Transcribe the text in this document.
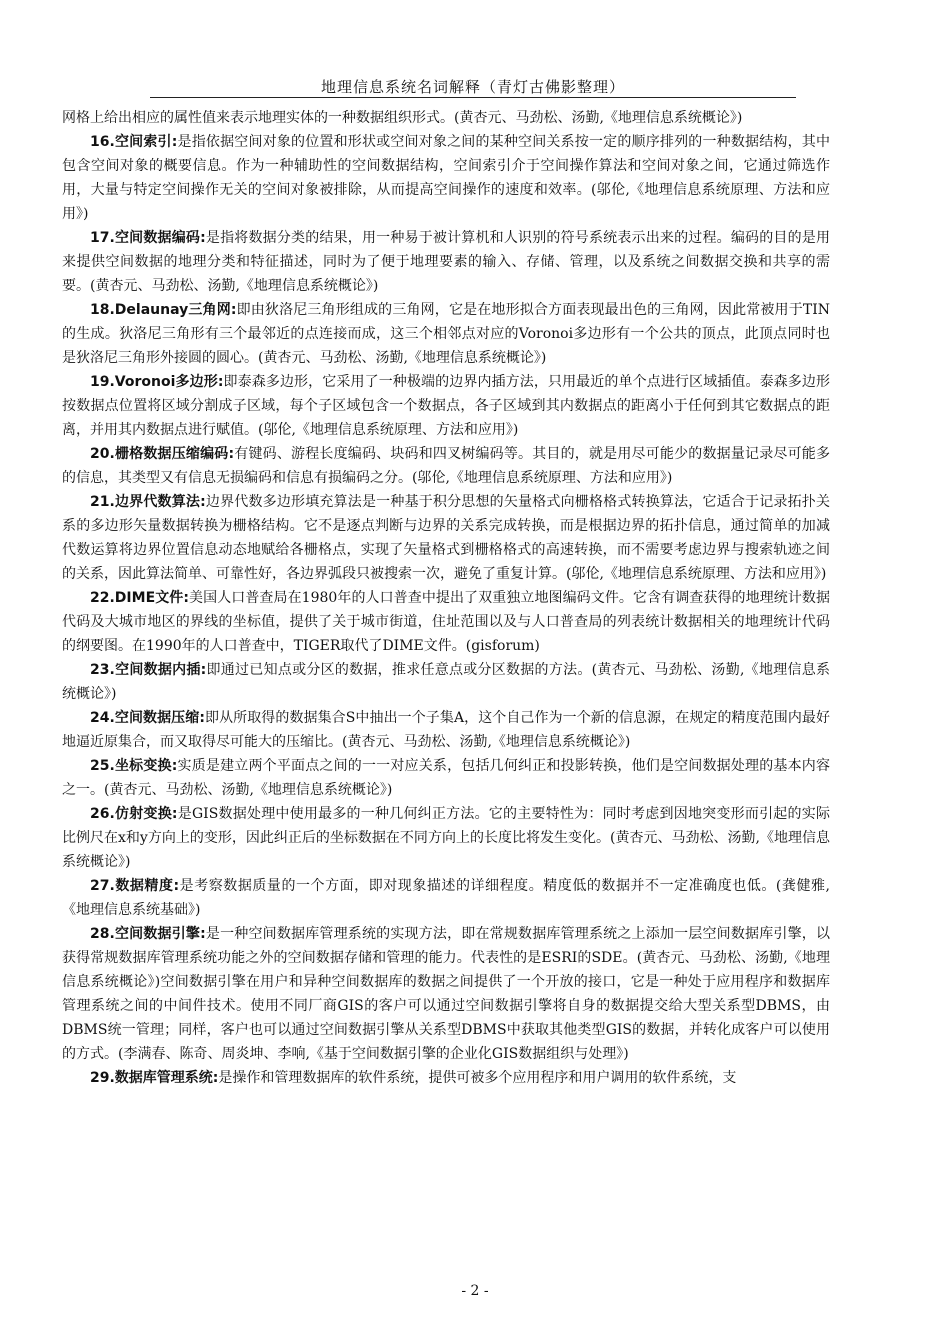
地理信息系统名词解释（青灯古佛影整理）

网格上给出相应的属性值来表示地理实体的一种数据组织形式。(黄杏元、马劲松、汤勤,《地理信息系统概论》)

16.空间索引:是指依据空间对象的位置和形状或空间对象之间的某种空间关系按一定的顺序排列的一种数据结构，其中包含空间对象的概要信息。作为一种辅助性的空间数据结构，空间索引介于空间操作算法和空间对象之间，它通过筛选作用，大量与特定空间操作无关的空间对象被排除，从而提高空间操作的速度和效率。(邬伦,《地理信息系统原理、方法和应用》)

17.空间数据编码:是指将数据分类的结果，用一种易于被计算机和人识别的符号系统表示出来的过程。编码的目的是用来提供空间数据的地理分类和特征描述，同时为了便于地理要素的输入、存储、管理，以及系统之间数据交换和共享的需要。(黄杏元、马劲松、汤勤,《地理信息系统概论》)

18.Delaunay三角网:即由狄洛尼三角形组成的三角网，它是在地形拟合方面表现最出色的三角网，因此常被用于TIN的生成。狄洛尼三角形有三个最邻近的点连接而成，这三个相邻点对应的Voronoi多边形有一个公共的顶点，此顶点同时也是狄洛尼三角形外接圆的圆心。(黄杏元、马劲松、汤勤,《地理信息系统概论》)

19.Voronoi多边形:即泰森多边形，它采用了一种极端的边界内插方法，只用最近的单个点进行区域插值。泰森多边形按数据点位置将区域分割成子区域，每个子区域包含一个数据点，各子区域到其内数据点的距离小于任何到其它数据点的距离，并用其内数据点进行赋值。(邬伦,《地理信息系统原理、方法和应用》)

20.栅格数据压缩编码:有键码、游程长度编码、块码和四叉树编码等。其目的，就是用尽可能少的数据量记录尽可能多的信息，其类型又有信息无损编码和信息有损编码之分。(邬伦,《地理信息系统原理、方法和应用》)

21.边界代数算法:边界代数多边形填充算法是一种基于积分思想的矢量格式向栅格格式转换算法，它适合于记录拓扑关系的多边形矢量数据转换为栅格结构。它不是逐点判断与边界的关系完成转换，而是根据边界的拓扑信息，通过简单的加减代数运算将边界位置信息动态地赋给各栅格点，实现了矢量格式到栅格格式的高速转换，而不需要考虑边界与搜索轨迹之间的关系，因此算法简单、可靠性好，各边界弧段只被搜索一次，避免了重复计算。(邬伦,《地理信息系统原理、方法和应用》)

22.DIME文件:美国人口普查局在1980年的人口普查中提出了双重独立地图编码文件。它含有调查获得的地理统计数据代码及大城市地区的界线的坐标值，提供了关于城市街道，住址范围以及与人口普查局的列表统计数据相关的地理统计代码的纲要图。在1990年的人口普查中，TIGER取代了DIME文件。(gisforum)

23.空间数据内插:即通过已知点或分区的数据，推求任意点或分区数据的方法。(黄杏元、马劲松、汤勤,《地理信息系统概论》)

24.空间数据压缩:即从所取得的数据集合S中抽出一个子集A，这个自己作为一个新的信息源，在规定的精度范围内最好地逼近原集合，而又取得尽可能大的压缩比。(黄杏元、马劲松、汤勤,《地理信息系统概论》)

25.坐标变换:实质是建立两个平面点之间的一一对应关系，包括几何纠正和投影转换，他们是空间数据处理的基本内容之一。(黄杏元、马劲松、汤勤,《地理信息系统概论》)

26.仿射变换:是GIS数据处理中使用最多的一种几何纠正方法。它的主要特性为：同时考虑到因地突变形而引起的实际比例尺在x和y方向上的变形，因此纠正后的坐标数据在不同方向上的长度比将发生变化。(黄杏元、马劲松、汤勤,《地理信息系统概论》)

27.数据精度:是考察数据质量的一个方面，即对现象描述的详细程度。精度低的数据并不一定准确度也低。(龚健雅,《地理信息系统基础》)

28.空间数据引擎:是一种空间数据库管理系统的实现方法，即在常规数据库管理系统之上添加一层空间数据库引擎，以获得常规数据库管理系统功能之外的空间数据存储和管理的能力。代表性的是ESRI的SDE。(黄杏元、马劲松、汤勤,《地理信息系统概论》)空间数据引擎在用户和异种空间数据库的数据之间提供了一个开放的接口，它是一种处于应用程序和数据库管理系统之间的中间件技术。使用不同厂商GIS的客户可以通过空间数据引擎将自身的数据提交给大型关系型DBMS，由DBMS统一管理；同样，客户也可以通过空间数据引擎从关系型DBMS中获取其他类型GIS的数据，并转化成客户可以使用的方式。(李满春、陈奇、周炎坤、李响,《基于空间数据引擎的企业化GIS数据组织与处理》)

29.数据库管理系统:是操作和管理数据库的软件系统，提供可被多个应用程序和用户调用的软件系统，支

- 2 -
